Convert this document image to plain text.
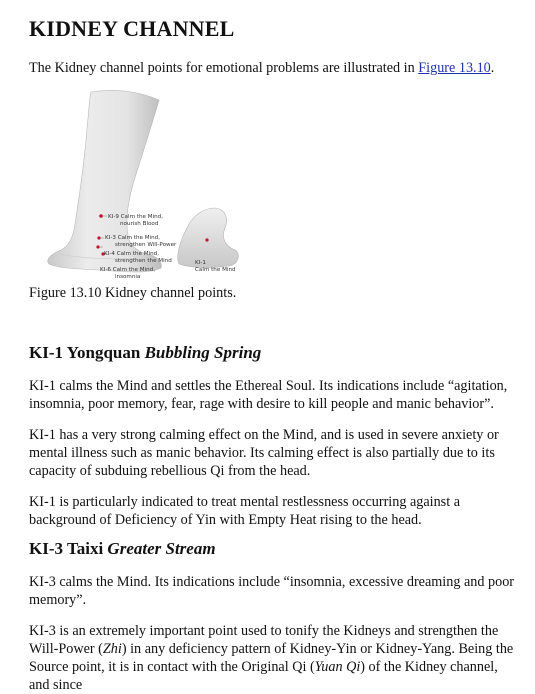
KIDNEY CHANNEL

The Kidney channel points for emotional problems are illustrated in Figure 13.10.

KI-9 Calm the Mind,
nourish Blood
KI-3 Calm the Mind,
strengthen Will-Power
KI-4 Calm the Mind,
strengthen the Mind
KI-6 Calm the Mind,
insomnia
KI-1
Calm the Mind

Figure 13.10 Kidney channel points.

KI-1 Yongquan Bubbling Spring

KI-1 calms the Mind and settles the Ethereal Soul. Its indications include “agitation, insomnia, poor memory, fear, rage with desire to kill people and manic behavior”.

KI-1 has a very strong calming effect on the Mind, and is used in severe anxiety or mental illness such as manic behavior. Its calming effect is also partially due to its capacity of subduing rebellious Qi from the head.

KI-1 is particularly indicated to treat mental restlessness occurring against a background of Deficiency of Yin with Empty Heat rising to the head.

KI-3 Taixi Greater Stream

KI-3 calms the Mind. Its indications include “insomnia, excessive dreaming and poor memory”.

KI-3 is an extremely important point used to tonify the Kidneys and strengthen the Will-Power (Zhi) in any deficiency pattern of Kidney-Yin or Kidney-Yang. Being the Source point, it is in contact with the Original Qi (Yuan Qi) of the Kidney channel, and since
